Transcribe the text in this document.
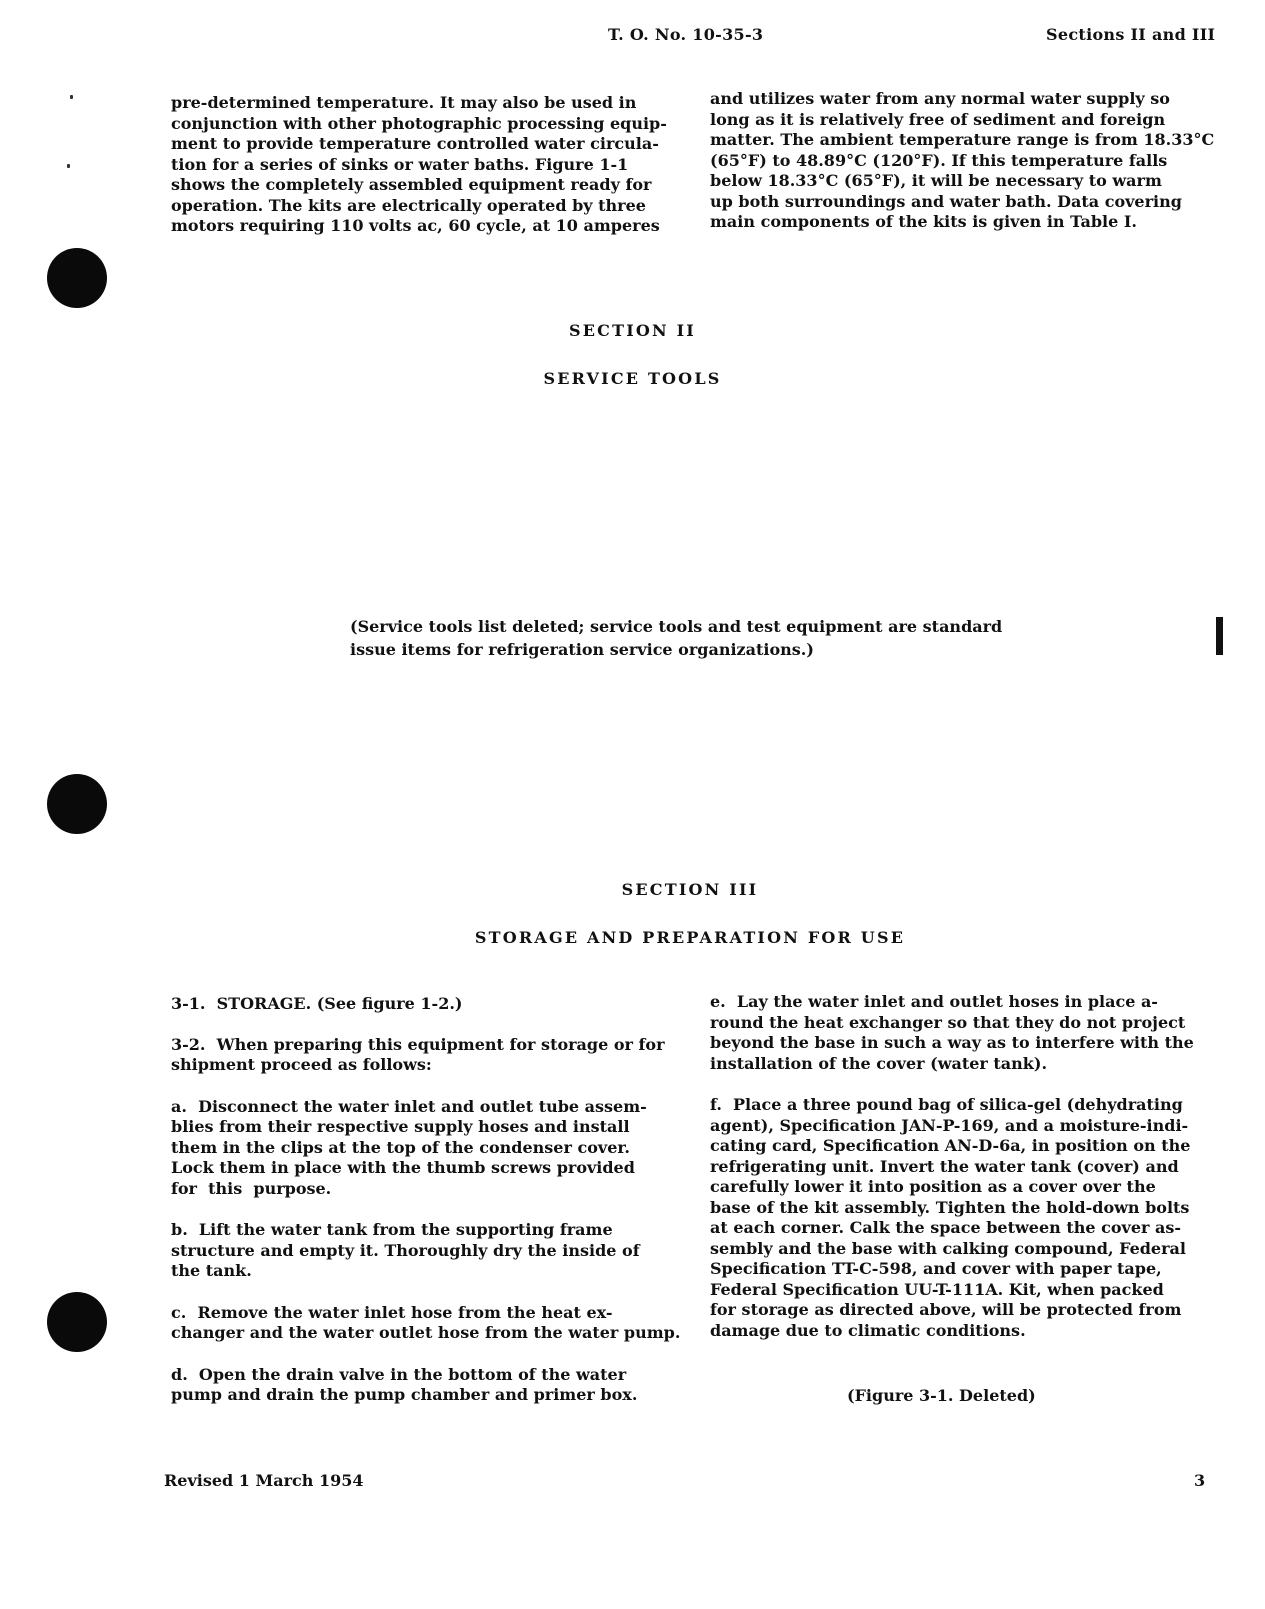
T. O. No. 10-35-3	Sections II and III
pre-determined temperature. It may also be used in
conjunction with other photographic processing equip-
ment to provide temperature controlled water circula-
tion for a series of sinks or water baths. Figure 1-1
shows the completely assembled equipment ready for
operation. The kits are electrically operated by three
motors requiring 110 volts ac, 60 cycle, at 10 amperes
and utilizes water from any normal water supply so
long as it is relatively free of sediment and foreign
matter. The ambient temperature range is from 18.33°C
(65°F) to 48.89°C (120°F). If this temperature falls
below 18.33°C (65°F), it will be necessary to warm
up both surroundings and water bath. Data covering
main components of the kits is given in Table I.
SECTION II
SERVICE TOOLS
(Service tools list deleted; service tools and test equipment are standard
issue items for refrigeration service organizations.)
SECTION III
STORAGE AND PREPARATION FOR USE

3-1.  STORAGE. (See figure 1-2.)

3-2.  When preparing this equipment for storage or for
shipment proceed as follows:

a.  Disconnect the water inlet and outlet tube assem-
blies from their respective supply hoses and install
them in the clips at the top of the condenser cover.
Lock them in place with the thumb screws provided
for  this  purpose.

b.  Lift the water tank from the supporting frame
structure and empty it. Thoroughly dry the inside of
the tank.

c.  Remove the water inlet hose from the heat ex-
changer and the water outlet hose from the water pump.

d.  Open the drain valve in the bottom of the water
pump and drain the pump chamber and primer box.

e.  Lay the water inlet and outlet hoses in place a-
round the heat exchanger so that they do not project
beyond the base in such a way as to interfere with the
installation of the cover (water tank).

f.  Place a three pound bag of silica-gel (dehydrating
agent), Specification JAN-P-169, and a moisture-indi-
cating card, Specification AN-D-6a, in position on the
refrigerating unit. Invert the water tank (cover) and
carefully lower it into position as a cover over the
base of the kit assembly. Tighten the hold-down bolts
at each corner. Calk the space between the cover as-
sembly and the base with calking compound, Federal
Specification TT-C-598, and cover with paper tape,
Federal Specification UU-T-111A. Kit, when packed
for storage as directed above, will be protected from
damage due to climatic conditions.

(Figure 3-1. Deleted)
Revised 1 March 1954	3
